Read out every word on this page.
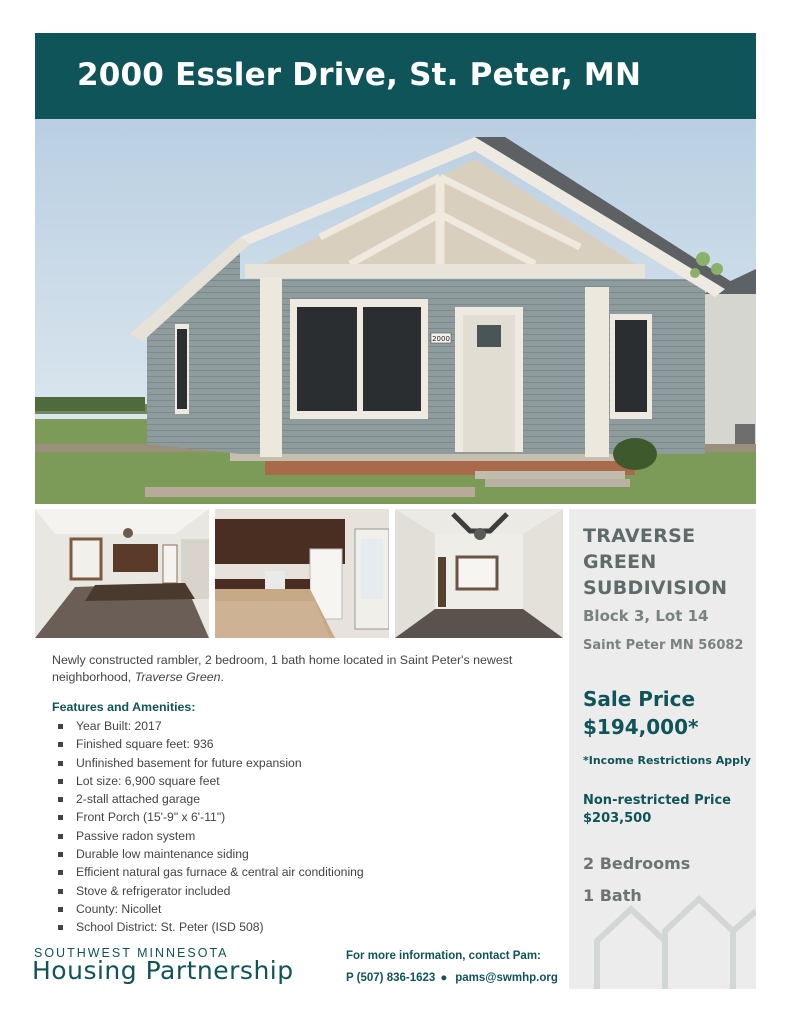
2000 Essler Drive, St. Peter, MN
2000
TRAVERSE GREEN SUBDIVISION
Block 3, Lot 14
Saint Peter MN 56082
Sale Price
$194,000*
*Income Restrictions Apply
Non-restricted Price
$203,500
2 Bedrooms
1 Bath
Newly constructed rambler, 2 bedroom, 1 bath home located in Saint Peter's newest neighborhood, Traverse Green.
Features and Amenities:
Year Built: 2017
Finished square feet: 936
Unfinished basement for future expansion
Lot size: 6,900 square feet
2-stall attached garage
Front Porch (15'-9" x 6'-11")
Passive radon system
Durable low maintenance siding
Efficient natural gas furnace & central air conditioning
Stove & refrigerator included
County: Nicollet
School District: St. Peter (ISD 508)
SOUTHWEST MINNESOTA
Housing Partnership	For more information, contact Pam:
P (507) 836-1623 ● pams@swmhp.org
